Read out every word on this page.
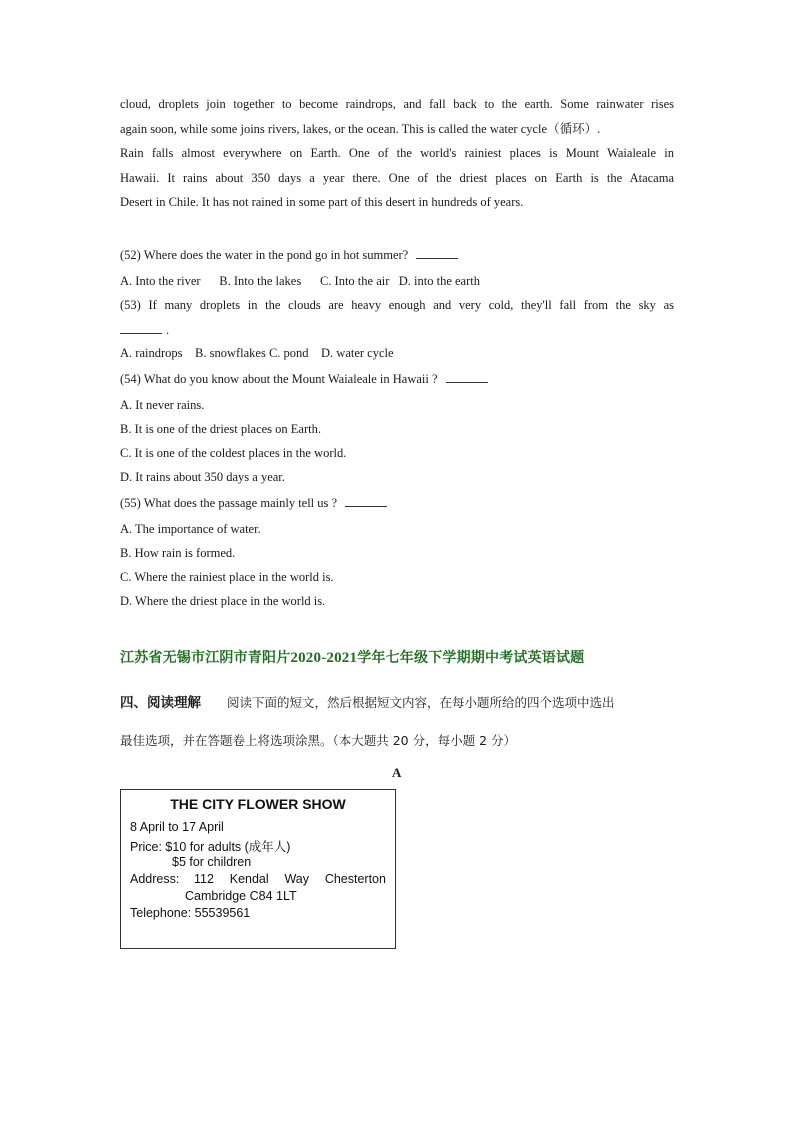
cloud, droplets join together to become raindrops, and fall back to the earth. Some rainwater rises
again soon, while some joins rivers, lakes, or the ocean. This is called the water cycle（循环）.
Rain falls almost everywhere on Earth. One of the world's rainiest places is Mount Waialeale in
Hawaii. It rains about 350 days a year there. One of the driest places on Earth is the Atacama
Desert in Chile. It has not rained in some part of this desert in hundreds of years.
(52) Where does the water in the pond go in hot summer?
A. Into the river      B. Into the lakes      C. Into the air   D. into the earth
(53) If many droplets in the clouds are heavy enough and very cold, they'll fall from the sky as
.
A. raindrops    B. snowflakes C. pond    D. water cycle
(54) What do you know about the Mount Waialeale in Hawaii ?
A. It never rains.
B. It is one of the driest places on Earth.
C. It is one of the coldest places in the world.
D. It rains about 350 days a year.
(55) What does the passage mainly tell us ?
A. The importance of water.
B. How rain is formed.
C. Where the rainiest place in the world is.
D. Where the driest place in the world is.
江苏省无锡市江阴市青阳片2020-2021学年七年级下学期期中考试英语试题
四、阅读理解 阅读下面的短文，然后根据短文内容，在每小题所给的四个选项中选出
最佳选项，并在答题卷上将选项涂黑。（本大题共 20 分，每小题 2 分）
A
THE CITY FLOWER SHOW
8 April to 17 April
Price: $10 for adults (成年人)
$5 for children
Address: 112 Kendal Way Chesterton
Cambridge C84 1LT
Telephone: 55539561
